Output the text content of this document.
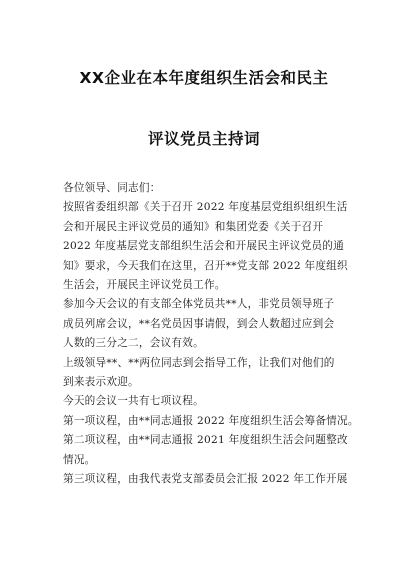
XX企业在本年度组织生活会和民主
评议党员主持词

各位领导、同志们：

按照省委组织部《关于召开 2022 年度基层党组织组织生活

会和开展民主评议党员的通知》和集团党委《关于召开

2022 年度基层党支部组织生活会和开展民主评议党员的通

知》要求，今天我们在这里，召开**党支部 2022 年度组织

生活会，开展民主评议党员工作。

参加今天会议的有支部全体党员共**人，非党员领导班子

成员列席会议，**名党员因事请假，到会人数超过应到会

人数的三分之二，会议有效。

上级领导**、**两位同志到会指导工作，让我们对他们的

到来表示欢迎。

今天的会议一共有七项议程。

第一项议程，由**同志通报 2022 年度组织生活会筹备情况。

第二项议程，由**同志通报 2021 年度组织生活会问题整改

情况。

第三项议程，由我代表党支部委员会汇报 2022 年工作开展
